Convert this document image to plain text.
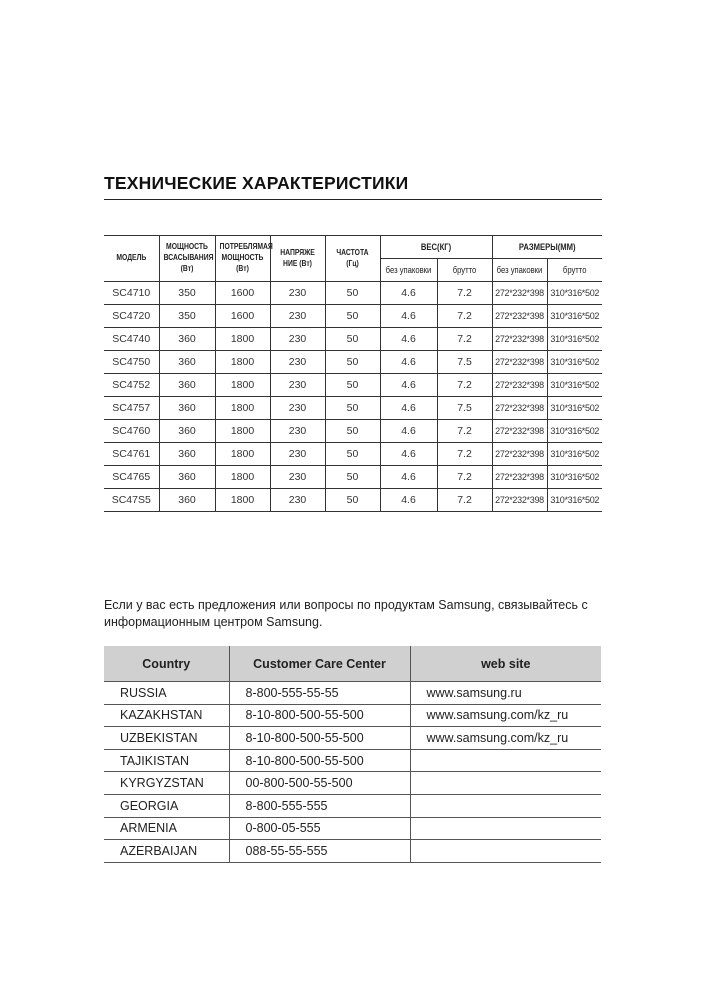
ТЕХНИЧЕСКИЕ ХАРАКТЕРИСТИКИ
МОДЕЛЬ	МОЩНОСТЬ ВСАСЫВАНИЯ (Вт)	ПОТРЕБЛЯМАЯ МОЩНОСТЬ (Вт)	НАПРЯЖЕ НИЕ (Вт)	ЧАСТОТА (Гц)	ВЕС(КГ)		РАЗМЕРЫ(ММ)	
					без упаковки	брутто	без упаковки	брутто
SC4710	350	1600	230	50	4.6	7.2	272*232*398	310*316*502
SC4720	350	1600	230	50	4.6	7.2	272*232*398	310*316*502
SC4740	360	1800	230	50	4.6	7.2	272*232*398	310*316*502
SC4750	360	1800	230	50	4.6	7.5	272*232*398	310*316*502
SC4752	360	1800	230	50	4.6	7.2	272*232*398	310*316*502
SC4757	360	1800	230	50	4.6	7.5	272*232*398	310*316*502
SC4760	360	1800	230	50	4.6	7.2	272*232*398	310*316*502
SC4761	360	1800	230	50	4.6	7.2	272*232*398	310*316*502
SC4765	360	1800	230	50	4.6	7.2	272*232*398	310*316*502
SC47S5	360	1800	230	50	4.6	7.2	272*232*398	310*316*502
Если у вас есть предложения или вопросы по продуктам Samsung, связывайтесь с информационным центром Samsung.
Country	Customer Care Center	web site
RUSSIA	8-800-555-55-55	www.samsung.ru
KAZAKHSTAN	8-10-800-500-55-500	www.samsung.com/kz_ru
UZBEKISTAN	8-10-800-500-55-500	www.samsung.com/kz_ru
TAJIKISTAN	8-10-800-500-55-500	
KYRGYZSTAN	00-800-500-55-500	
GEORGIA	8-800-555-555	
ARMENIA	0-800-05-555	
AZERBAIJAN	088-55-55-555	
